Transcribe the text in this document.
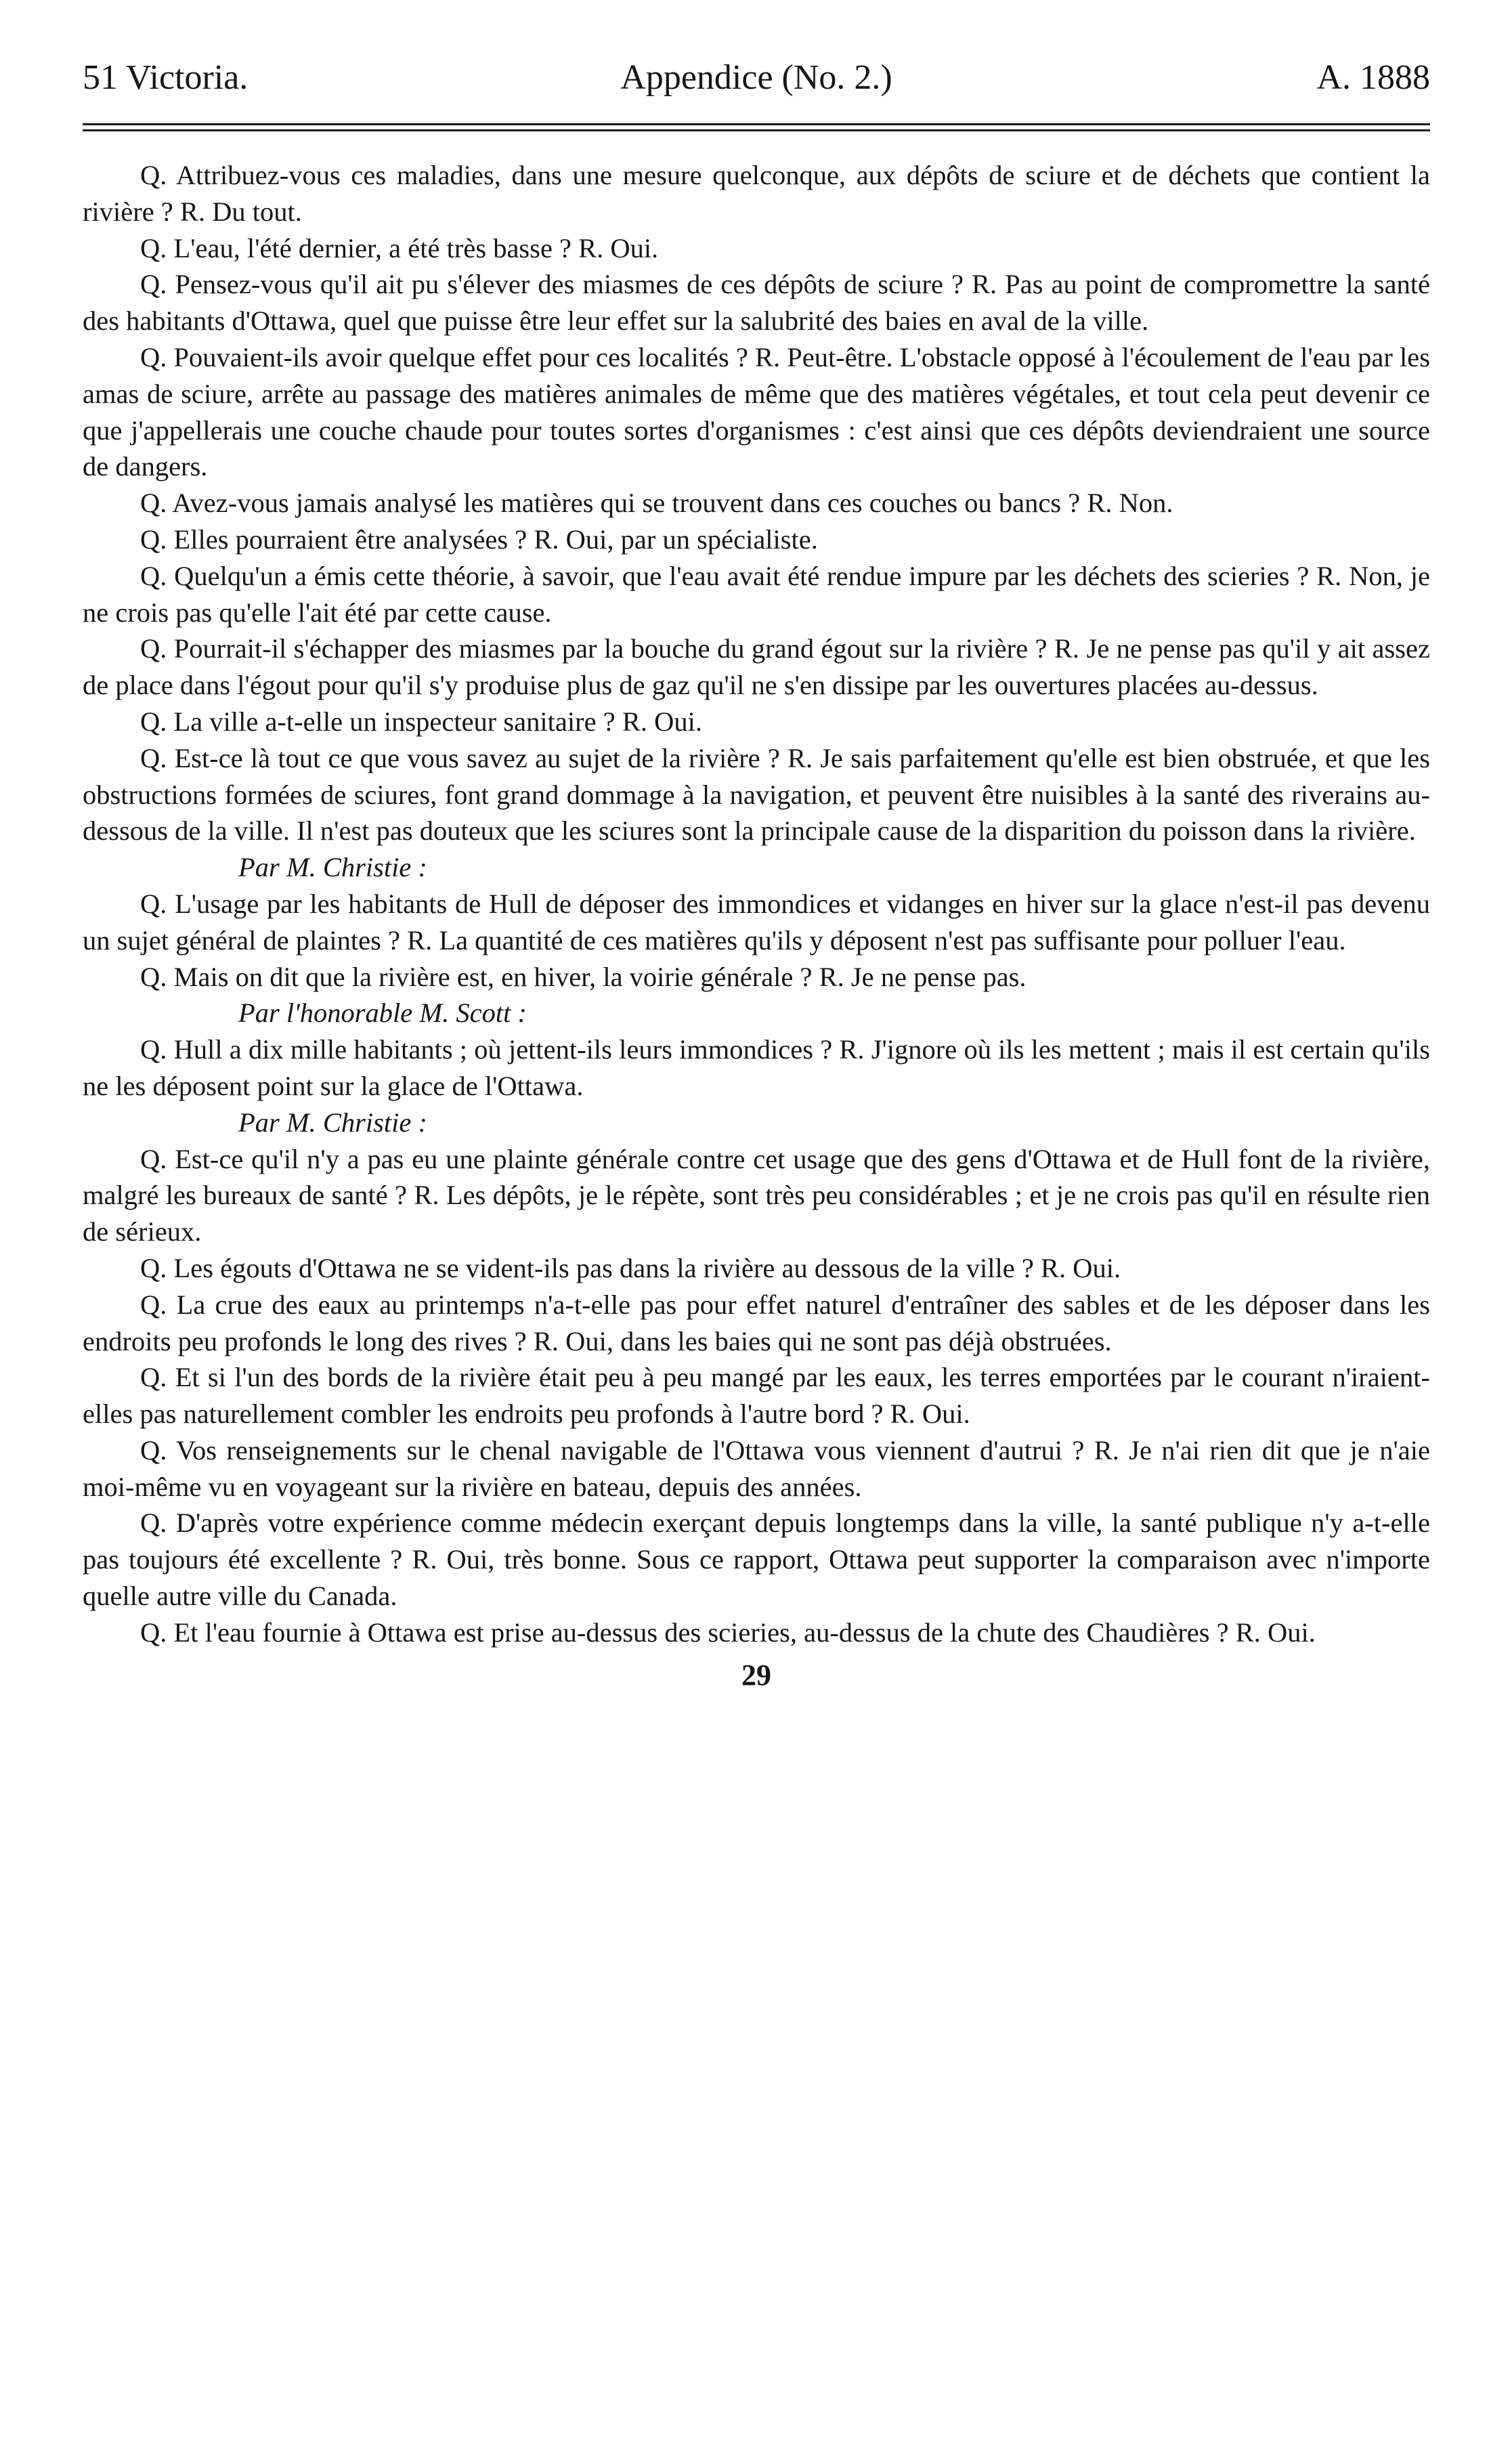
51 Victoria.	Appendice (No. 2.)	A. 1888

Q. Attribuez-vous ces maladies, dans une mesure quelconque, aux dépôts de sciure et de déchets que contient la rivière ? R. Du tout.

Q. L'eau, l'été dernier, a été très basse ? R. Oui.

Q. Pensez-vous qu'il ait pu s'élever des miasmes de ces dépôts de sciure ? R. Pas au point de compromettre la santé des habitants d'Ottawa, quel que puisse être leur effet sur la salubrité des baies en aval de la ville.

Q. Pouvaient-ils avoir quelque effet pour ces localités ? R. Peut-être. L'obstacle opposé à l'écoulement de l'eau par les amas de sciure, arrête au passage des matières animales de même que des matières végétales, et tout cela peut devenir ce que j'appellerais une couche chaude pour toutes sortes d'organismes : c'est ainsi que ces dépôts deviendraient une source de dangers.

Q. Avez-vous jamais analysé les matières qui se trouvent dans ces couches ou bancs ? R. Non.

Q. Elles pourraient être analysées ? R. Oui, par un spécialiste.

Q. Quelqu'un a émis cette théorie, à savoir, que l'eau avait été rendue impure par les déchets des scieries ? R. Non, je ne crois pas qu'elle l'ait été par cette cause.

Q. Pourrait-il s'échapper des miasmes par la bouche du grand égout sur la rivière ? R. Je ne pense pas qu'il y ait assez de place dans l'égout pour qu'il s'y produise plus de gaz qu'il ne s'en dissipe par les ouvertures placées au-dessus.

Q. La ville a-t-elle un inspecteur sanitaire ? R. Oui.

Q. Est-ce là tout ce que vous savez au sujet de la rivière ? R. Je sais parfaitement qu'elle est bien obstruée, et que les obstructions formées de sciures, font grand dommage à la navigation, et peuvent être nuisibles à la santé des riverains au-dessous de la ville. Il n'est pas douteux que les sciures sont la principale cause de la disparition du poisson dans la rivière.

Par M. Christie :

Q. L'usage par les habitants de Hull de déposer des immondices et vidanges en hiver sur la glace n'est-il pas devenu un sujet général de plaintes ? R. La quantité de ces matières qu'ils y déposent n'est pas suffisante pour polluer l'eau.

Q. Mais on dit que la rivière est, en hiver, la voirie générale ? R. Je ne pense pas.

Par l'honorable M. Scott :

Q. Hull a dix mille habitants ; où jettent-ils leurs immondices ? R. J'ignore où ils les mettent ; mais il est certain qu'ils ne les déposent point sur la glace de l'Ottawa.

Par M. Christie :

Q. Est-ce qu'il n'y a pas eu une plainte générale contre cet usage que des gens d'Ottawa et de Hull font de la rivière, malgré les bureaux de santé ? R. Les dépôts, je le répète, sont très peu considérables ; et je ne crois pas qu'il en résulte rien de sérieux.

Q. Les égouts d'Ottawa ne se vident-ils pas dans la rivière au dessous de la ville ? R. Oui.

Q. La crue des eaux au printemps n'a-t-elle pas pour effet naturel d'entraîner des sables et de les déposer dans les endroits peu profonds le long des rives ? R. Oui, dans les baies qui ne sont pas déjà obstruées.

Q. Et si l'un des bords de la rivière était peu à peu mangé par les eaux, les terres emportées par le courant n'iraient-elles pas naturellement combler les endroits peu profonds à l'autre bord ? R. Oui.

Q. Vos renseignements sur le chenal navigable de l'Ottawa vous viennent d'autrui ? R. Je n'ai rien dit que je n'aie moi-même vu en voyageant sur la rivière en bateau, depuis des années.

Q. D'après votre expérience comme médecin exerçant depuis longtemps dans la ville, la santé publique n'y a-t-elle pas toujours été excellente ? R. Oui, très bonne. Sous ce rapport, Ottawa peut supporter la comparaison avec n'importe quelle autre ville du Canada.

Q. Et l'eau fournie à Ottawa est prise au-dessus des scieries, au-dessus de la chute des Chaudières ? R. Oui.

29
